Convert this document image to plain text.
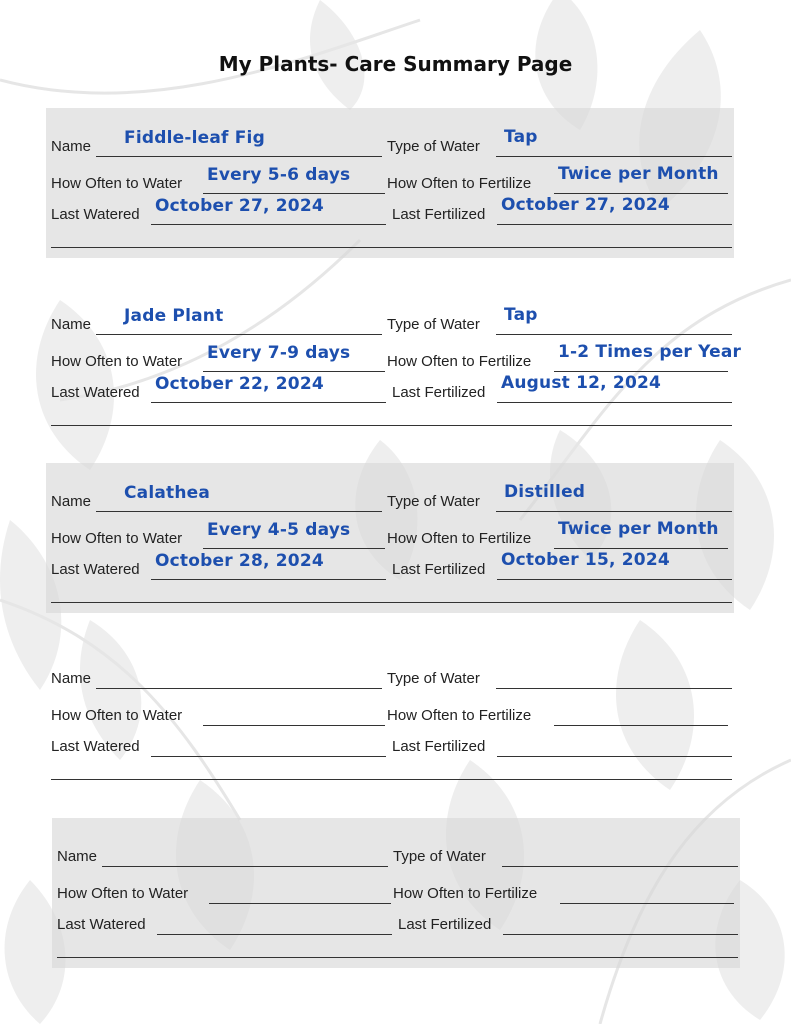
My Plants- Care Summary Page
Name Fiddle-leaf Fig	Type of Water Tap
How Often to Water Every 5-6 days How Often to Fertilize Twice per Month
Last Watered October 27, 2024	Last Fertilized October 27, 2024
Name Jade Plant	Type of Water Tap
How Often to Water Every 7-9 days How Often to Fertilize 1-2 Times per Year
Last Watered October 22, 2024	Last Fertilized August 12, 2024
Name Calathea	Type of Water Distilled
How Often to Water Every 4-5 days How Often to Fertilize Twice per Month
Last Watered October 28, 2024	Last Fertilized October 15, 2024
Name	Type of Water
How Often to Water	How Often to Fertilize
Last Watered	Last Fertilized
Name	Type of Water
How Often to Water	How Often to Fertilize
Last Watered	Last Fertilized
